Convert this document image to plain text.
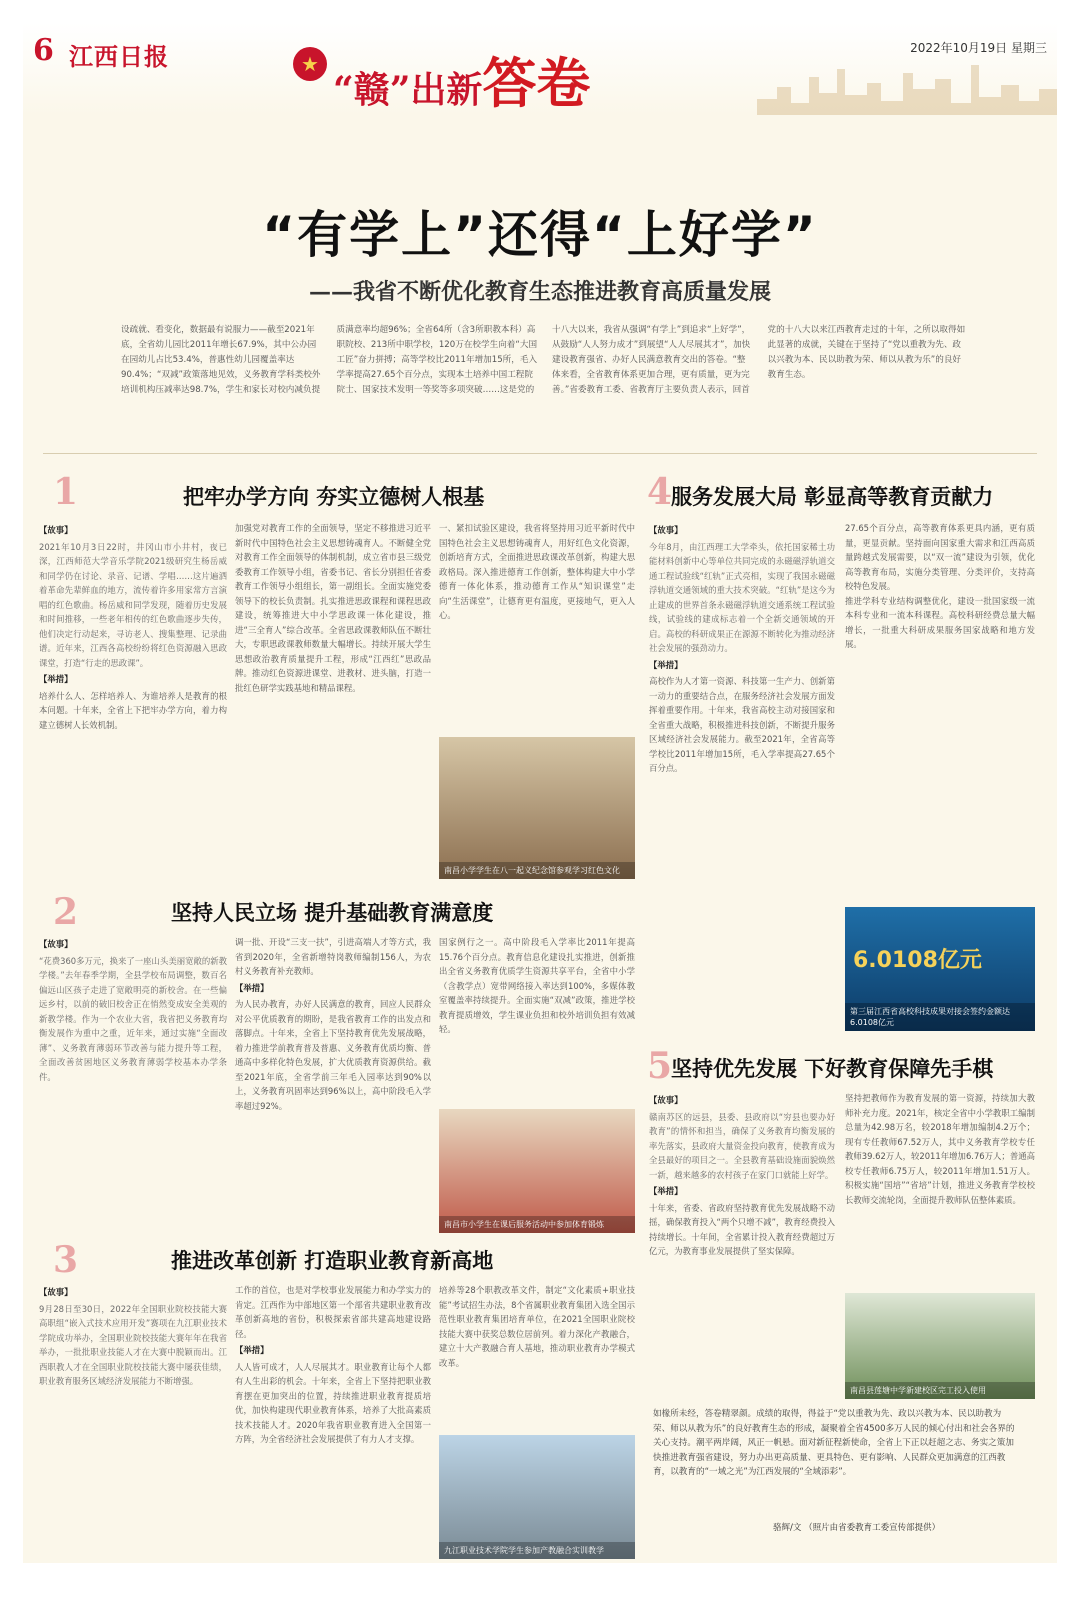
6 江西日报	★
“赣”出新答卷
2022年10月19日 星期三
“有学上”还得“上好学”
——我省不断优化教育生态推进教育高质量发展
设疏就、看变化，数据最有说服力——截至2021年底，全省幼儿园比2011年增长67.9%，其中公办园在园幼儿占比53.4%，普惠性幼儿园覆盖率达90.4%；“双减”政策落地见效，义务教育学科类校外培训机构压减率达98.7%，学生和家长对校内减负提质满意率均超96%；全省64所（含3所职教本科）高职院校、213所中职学校，120万在校学生向着“大国工匠”奋力拼搏；高等学校比2011年增加15所，毛入学率提高27.65个百分点，实现本土培养中国工程院院士、国家技术发明一等奖等多项突破……这是党的十八大以来，我省从强调“有学上”到追求“上好学”，从鼓励“人人努力成才”到展望“人人尽展其才”，加快建设教育强省、办好人民满意教育交出的答卷。“整体来看，全省教育体系更加合理，更有质量，更为完善。”省委教育工委、省教育厅主要负责人表示，回首党的十八大以来江西教育走过的十年，之所以取得如此显著的成就，关键在于坚持了“党以重教为先、政以兴教为本、民以助教为荣、师以从教为乐”的良好教育生态。
1	把牢办学方向 夯实立德树人根基
【故事】
2021年10月3日22时，井冈山市小井村，夜已深，江西师范大学音乐学院2021级研究生杨岳威和同学仍在讨论、录音、记谱、学唱……这片遍洒着革命先辈鲜血的地方，流传着许多用家常方言演唱的红色歌曲。杨岳威和同学发现，随着历史发展和时间推移，一些老年相传的红色歌曲逐步失传，他们决定行动起来，寻访老人、搜集整理、记录曲谱。近年来，江西各高校纷纷将红色资源融入思政课堂，打造“行走的思政课”。
【举措】
培养什么人、怎样培养人、为谁培养人是教育的根本问题。十年来，全省上下把牢办学方向，着力构建立德树人长效机制。
加强党对教育工作的全面领导，坚定不移推进习近平新时代中国特色社会主义思想铸魂育人。不断健全党对教育工作全面领导的体制机制，成立省市县三级党委教育工作领导小组，省委书记、省长分别担任省委教育工作领导小组组长，第一副组长。全面实施党委领导下的校长负责制。扎实推进思政课程和课程思政建设，统筹推进大中小学思政课一体化建设，推进“三全育人”综合改革。全省思政课教师队伍不断壮大，专职思政课教师数量大幅增长。持续开展大学生思想政治教育质量提升工程，形成“江西红”思政品牌。推动红色资源进课堂、进教材、进头脑，打造一批红色研学实践基地和精品课程。
一、紧扣试验区建设，我省将坚持用习近平新时代中国特色社会主义思想铸魂育人，用好红色文化资源，创新培育方式，全面推进思政课改革创新，构建大思政格局。深入推进德育工作创新，整体构建大中小学德育一体化体系，推动德育工作从“知识课堂”走向“生活课堂”，让德育更有温度，更接地气，更入人心。
南昌小学学生在八一起义纪念馆参观学习红色文化
2	坚持人民立场 提升基础教育满意度
【故事】
“花费360多万元，换来了一座山头美丽宽敞的新教学楼。”去年春季学期，全县学校布局调整，数百名偏远山区孩子走进了宽敞明亮的新校舍。在一些偏远乡村，以前的破旧校舍正在悄然变成安全美观的新教学楼。作为一个农业大省，我省把义务教育均衡发展作为重中之重，近年来，通过实施“全面改薄”、义务教育薄弱环节改善与能力提升等工程，全面改善贫困地区义务教育薄弱学校基本办学条件。
调一批、开设“三支一扶”，引进高端人才等方式，我省到2020年，全省新增特岗教师编制156人，为农村义务教育补充教师。
【举措】
为人民办教育，办好人民满意的教育，回应人民群众对公平优质教育的期盼，是我省教育工作的出发点和落脚点。十年来，全省上下坚持教育优先发展战略，着力推进学前教育普及普惠、义务教育优质均衡、普通高中多样化特色发展，扩大优质教育资源供给。截至2021年底，全省学前三年毛入园率达到90%以上，义务教育巩固率达到96%以上，高中阶段毛入学率超过92%。
国家例行之一。高中阶段毛入学率比2011年提高15.76个百分点。教育信息化建设扎实推进，创新推出全省义务教育优质学生资源共享平台，全省中小学（含教学点）宽带网络接入率达到100%，多媒体教室覆盖率持续提升。全面实施“双减”政策，推进学校教育提质增效，学生课业负担和校外培训负担有效减轻。
南昌市小学生在课后服务活动中参加体育锻炼
3	推进改革创新 打造职业教育新高地
【故事】
9月28日至30日，2022年全国职业院校技能大赛高职组“嵌入式技术应用开发”赛项在九江职业技术学院成功举办，全国职业院校技能大赛年年在我省举办，一批批职业技能人才在大赛中脱颖而出。江西职教人才在全国职业院校技能大赛中屡获佳绩，职业教育服务区域经济发展能力不断增强。
工作的首位，也是对学校事业发展能力和办学实力的肯定。江西作为中部地区第一个部省共建职业教育改革创新高地的省份，积极探索省部共建高地建设路径。
【举措】
人人皆可成才，人人尽展其才。职业教育让每个人都有人生出彩的机会。十年来，全省上下坚持把职业教育摆在更加突出的位置，持续推进职业教育提质培优，加快构建现代职业教育体系，培养了大批高素质技术技能人才。2020年我省职业教育进入全国第一方阵，为全省经济社会发展提供了有力人才支撑。
培养等28个职教改革文件，制定“文化素质+职业技能”考试招生办法，8个省属职业教育集团入选全国示范性职业教育集团培育单位，在2021全国职业院校技能大赛中获奖总数位居前列。着力深化产教融合，建立十大产教融合育人基地，推动职业教育办学模式改革。
九江职业技术学院学生参加产教融合实训教学
4
服务发展大局 彰显高等教育贡献力
【故事】
今年8月，由江西理工大学牵头，依托国家稀土功能材料创新中心等单位共同完成的永磁磁浮轨道交通工程试验线“红轨”正式亮相，实现了我国永磁磁浮轨道交通领域的重大技术突破。“红轨”是这今为止建成的世界首条永磁磁浮轨道交通系统工程试验线，试验线的建成标志着一个全新交通领域的开启。高校的科研成果正在源源不断转化为推动经济社会发展的强劲动力。
【举措】
高校作为人才第一资源、科技第一生产力、创新第一动力的重要结合点，在服务经济社会发展方面发挥着重要作用。十年来，我省高校主动对接国家和全省重大战略，积极推进科技创新，不断提升服务区域经济社会发展能力。截至2021年，全省高等学校比2011年增加15所，毛入学率提高27.65个百分点。
27.65个百分点，高等教育体系更具内涵，更有质量，更显贡献。坚持面向国家重大需求和江西高质量跨越式发展需要，以“双一流”建设为引领，优化高等教育布局，实施分类管理、分类评价，支持高校特色发展。
推进学科专业结构调整优化，建设一批国家级一流本科专业和一流本科课程。高校科研经费总量大幅增长，一批重大科研成果服务国家战略和地方发展。
6.0108亿元
第三届江西省高校科技成果对接会签约金额达6.0108亿元
5
坚持优先发展 下好教育保障先手棋
【故事】
赣南苏区的远县，县委、县政府以“穷县也要办好教育”的情怀和担当，确保了义务教育均衡发展的率先落实，县政府大量资金投向教育，使教育成为全县最好的项目之一。全县教育基础设施面貌焕然一新，越来越多的农村孩子在家门口就能上好学。
【举措】
十年来，省委、省政府坚持教育优先发展战略不动摇，确保教育投入“两个只增不减”，教育经费投入持续增长。十年间，全省累计投入教育经费超过万亿元，为教育事业发展提供了坚实保障。
坚持把教师作为教育发展的第一资源，持续加大教师补充力度。2021年，核定全省中小学教职工编制总量为42.98万名，较2018年增加编制4.2万个；现有专任教师67.52万人，其中义务教育学校专任教师39.62万人，较2011年增加6.76万人；普通高校专任教师6.75万人，较2011年增加1.51万人。积极实施“国培”“省培”计划，推进义务教育学校校长教师交流轮岗，全面提升教师队伍整体素质。
南昌县莲塘中学新建校区完工投入使用
如椽所未经，答卷精翠颜。成绩的取得，得益于“党以重教为先、政以兴教为本、民以助教为荣、师以从教为乐”的良好教育生态的形成，凝聚着全省4500多万人民的倾心付出和社会各界的关心支持。潮平两岸阔，风正一帆悬。面对新征程新使命，全省上下正以赶超之志、务实之策加快推进教育强省建设，努力办出更高质量、更具特色、更有影响、人民群众更加满意的江西教育，以教育的“一域之光”为江西发展的“全域添彩”。
骆辉/文 （照片由省委教育工委宣传部提供）
